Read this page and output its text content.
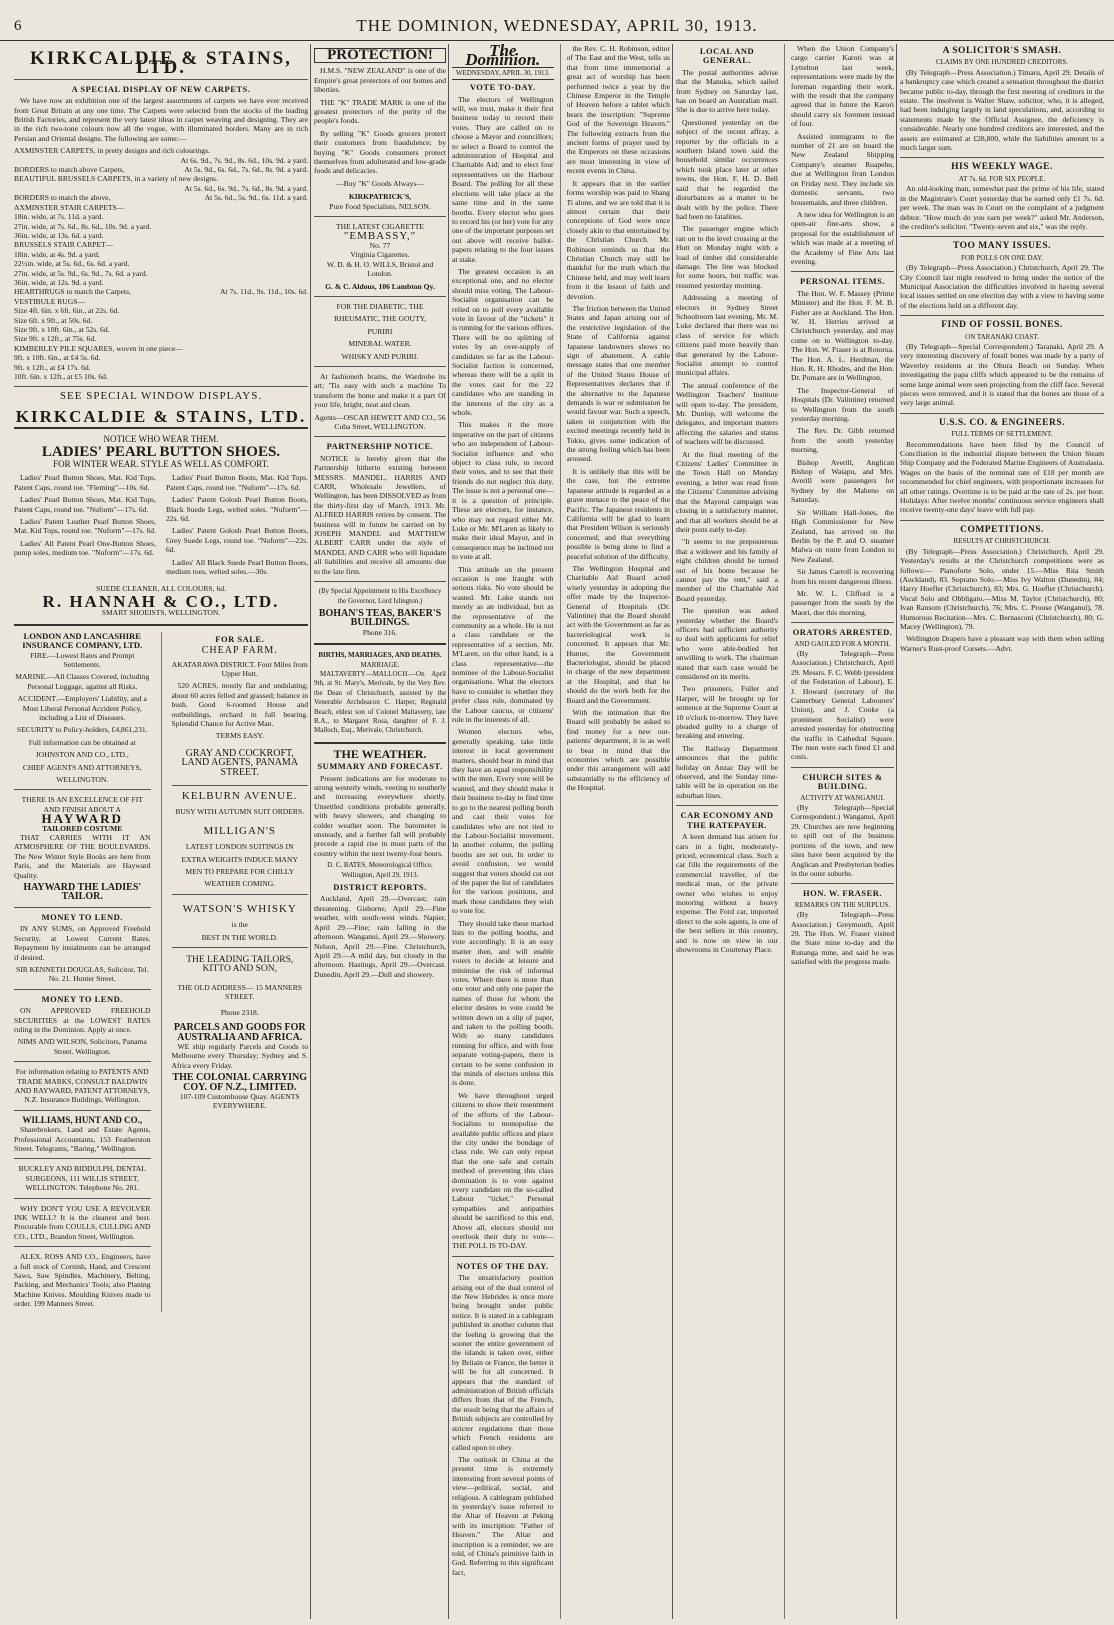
6	THE DOMINION, WEDNESDAY, APRIL 30, 1913.
KIRKCALDIE & STAINS, LTD.
A SPECIAL DISPLAY OF NEW CARPETS.

We have now an exhibition one of the largest assortments of carpets we have ever received from Great Britain at any one time. The Carpets were selected from the stocks of the leading British Factories, and represent the very latest ideas in carpet weaving and designing. They are in the rich two-tone colours now all the vogue, with illuminated borders. Many are in rich Persian and Oriental designs. The following are some:—

AXMINSTER CARPETS, in pretty designs and rich colourings.
At 6s. 9d., 7s. 9d., 8s. 6d., 10s. 9d. a yard.
BORDERS to match above Carpets,	At 5s. 9d., 6s. 6d., 7s. 6d., 8s. 9d. a yard.
BEAUTIFUL BRUSSELS CARPETS, in a variety of new designs.
At 5s. 6d., 6s. 9d., 7s. 6d., 8s. 9d. a yard.
BORDERS to match the above,	At 5s. 6d., 5s. 9d., 6s. 11d. a yard.
AXMINSTER STAIR CARPETS—
18in. wide, at 7s. 11d. a yard.
27in. wide, at 7s. 6d., 8s. 6d., 10s. 9d. a yard.
36in. wide, at 13s. 6d. a yard.
BRUSSELS STAIR CARPET—
18in. wide, at 4s. 9d. a yard.
22½in. wide, at 5s. 6d., 6s. 6d. a yard.
27in. wide, at 5s. 9d., 6s. 9d., 7s. 6d. a yard.
36in. wide, at 12s. 9d. a yard.
HEARTHRUGS to match the Carpets,	At 7s. 11d., 9s. 11d., 10s. 6d.
VESTIBULE RUGS—
Size 4ft. 6in. x 6ft. 6in., at 22s. 6d.
Size 6ft. x 9ft., at 50s. 6d.
Size 9ft. x 10ft. 6in., at 52s. 6d.
Size 9ft. x 12ft., at 75s. 6d.
KIMBERLEY PILE SQUARES, woven in one piece—
9ft. x 10ft. 6in., at £4 5s. 6d.
9ft. x 12ft., at £4 17s. 6d.
10ft. 6in. x 12ft., at £5 10s. 6d.
SEE SPECIAL WINDOW DISPLAYS.
KIRKCALDIE & STAINS, LTD.
NOTICE WHO WEAR THEM.
LADIES' PEARL BUTTON SHOES.
FOR WINTER WEAR. STYLE AS WELL AS COMFORT.

Ladies' Pearl Button Shoes, Mat. Kid Tops, Patent Caps, round toe. "Fleming"—10s. 6d.

Ladies' Pearl Button Shoes, Mat. Kid Tops, Patent Caps, round toe. "Nuform"—17s. 6d.

Ladies' Patent Leather Pearl Button Shoes, Mat. Kid Tops, round toe. "Nuform"—17s. 6d.

Ladies' All Patent Pearl One-Button Shoes, pump soles, medium toe. "Nuform"—17s. 6d.

Ladies' Pearl Button Boots, Mat. Kid Tops, Patent Caps, round toe. "Nuform"—17s. 6d.

Ladies' Patent Golosh Pearl Button Boots, Black Suede Legs, welted soles. "Nuform"—22s. 6d.

Ladies' Patent Golosh Pearl Button Boots, Grey Suede Legs, round toe. "Nuform"—22s. 6d.

Ladies' All Black Suede Pearl Button Boots, medium toes, welted soles.—30s.

SUEDE CLEANER, ALL COLOURS, 6d.
R. HANNAH & CO., LTD.
SMART SHOEISTS, WELLINGTON.
LONDON AND LANCASHIRE INSURANCE COMPANY, LTD.

FIRE.—Lowest Rates and Prompt Settlements.

MARINE.—All Classes Covered, including Personal Luggage, against all Risks.

ACCIDENT.—Employers' Liability, and a Most Liberal Personal Accident Policy, including a List of Diseases.

SECURITY to Policy-holders, £4,861,231.

Full information can be obtained at

JOHNSTON AND CO., LTD.,

CHIEF AGENTS AND ATTORNEYS,

WELLINGTON.

THERE IS AN EXCELLENCE OF FIT AND FINISH ABOUT A
HAYWARD
TAILORED COSTUME

THAT CARRIES WITH IT AN ATMOSPHERE OF THE BOULEVARDS. The New Winter Style Books are here from Paris, and the Materials are Hayward Quality.

HAYWARD THE LADIES' TAILOR.
MONEY TO LEND.

IN ANY SUMS, on Approved Freehold Security, at Lowest Current Rates. Repayment by instalments can be arranged if desired.

SIR KENNETH DOUGLAS, Solicitor, Tel. No. 21. Hunter Street.

MONEY TO LEND.

ON APPROVED FREEHOLD SECURITIES at the LOWEST RATES ruling in the Dominion. Apply at once.

NIMS AND WILSON, Solicitors, Panama Street. Wellington.

For information relating to PATENTS AND TRADE MARKS, CONSULT BALDWIN AND RAYWARD, PATENT ATTORNEYS, N.Z. Insurance Buildings, Wellington.

WILLIAMS, HUNT AND CO.,

Sharebrokers, Land and Estate Agents, Professional Accountants, 153 Featherston Street. Telegrams, "Baring," Wellington.

BUCKLEY AND BIDDULPH, DENTAL SURGEONS, 111 WILLIS STREET, WELLINGTON. Telephone No. 281.

WHY DON'T YOU USE A REVOLVER INK WELL? It is the cleanest and best. Procurable from COULLS, CULLING AND CO., LTD., Brandon Street, Wellington.

ALEX. ROSS AND CO., Engineers, have a full stock of Cornish, Hand, and Crescent Saws, Saw Spindles, Machinery, Belting, Packing, and Mechanics' Tools; also Planing Machine Knives. Moulding Knives made to order. 199 Manners Street.

FOR SALE.
CHEAP FARM.

AKATARAWA DISTRICT. Four Miles from Upper Hutt.

520 ACRES, mostly flat and undulating; about 60 acres felled and grassed; balance in bush. Good 6-roomed House and outbuildings, orchard in full bearing. Splendid Chance for Active Man.

TERMS EASY.
GRAY AND COCKROFT, LAND AGENTS, PANAMA STREET.
KELBURN AVENUE.
BUSY WITH AUTUMN SUIT ORDERS.
MILLIGAN'S

LATEST LONDON SUITINGS IN

EXTRA WEIGHTS INDUCE MANY

MEN TO PREPARE FOR CHILLY

WEATHER COMING.

WATSON'S WHISKY

is the

BEST IN THE WORLD.

THE LEADING TAILORS, KITTO AND SON,
THE OLD ADDRESS— 15 MANNERS STREET.
Phone 2318.
PARCELS AND GOODS FOR AUSTRALIA AND AFRICA.

WE ship regularly Parcels and Goods to Melbourne every Thursday; Sydney and S. Africa every Friday.

THE COLONIAL CARRYING COY. OF N.Z., LIMITED.
107-109 Customhouse Quay. AGENTS EVERYWHERE.
PROTECTION!

H.M.S. "NEW ZEALAND" is one of the Empire's great protectors of our homes and liberties.

THE "K" TRADE MARK is one of the greatest protectors of the purity of the people's foods.

By selling "K" Goods grocers protect their customers from fraudulence; by buying "K" Goods consumers protect themselves from adulterated and low-grade foods and delicacies.

—Buy "K" Goods Always—
KIRKPATRICK'S,
Pure Food Specialists, NELSON.
THE LATEST CIGARETTE
"EMBASSY,"
No. 77
Virginia Cigarettes.
W. D. & H. O. WILLS, Bristol and London.
G. & C. Aldous, 106 Lambton Qy.

FOR THE DIABETIC, THE

RHEUMATIC, THE GOUTY,

PURIRI

MINERAL WATER.

WHISKY AND PURIRI.

At fashioneth brains, the Wardrobe its art; 'Tis easy with such a machine To transform the home and make it a part Of your life, bright, neat and clean.

Agents—OSCAR HEWETT AND CO., 56 Cuba Street, WELLINGTON.

PARTNERSHIP NOTICE.

NOTICE is hereby given that the Partnership hitherto existing between MESSRS. MANDEL, HARRIS AND CARR, Wholesale Jewellers, of Wellington, has been DISSOLVED as from the thirty-first day of March, 1913. Mr. ALFRED HARRIS retires by consent. The business will in future be carried on by JOSEPH MANDEL and MATTHEW ALBERT CARR under the style of MANDEL AND CARR who will liquidate all liabilities and receive all amounts due to the late firm.

(By Special Appointment to His Excellency the Governor, Lord Islington.)

BOHAN'S TEAS, BAKER'S BUILDINGS.
Phone 316.
BIRTHS, MARRIAGES, AND DEATHS.
MARRIAGE.

MALTAVERTY—MALLOCH.—On April 9th, at St. Mary's, Merivale, by the Very Rev. the Dean of Christchurch, assisted by the Venerable Archdeacon C. Harper, Reginald Beach, eldest son of Colonel Maltaverty, late R.A., to Margaret Rosa, daughter of F. J. Malloch, Esq., Merivale, Christchurch.

THE WEATHER.
SUMMARY AND FORECAST.

Present indications are for moderate to strong westerly winds, veering to southerly and increasing everywhere shortly. Unsettled conditions probable generally, with heavy showers, and changing to colder weather soon. The barometer is unsteady, and a further fall will probably precede a rapid rise in most parts of the country within the next twenty-four hours.

D. C. BATES, Meteorological Office, Wellington, April 29, 1913.

DISTRICT REPORTS.

Auckland, April 29.—Overcast; rain threatening. Gisborne, April 29.—Fine weather, with south-west winds. Napier, April 29.—Fine; rain falling in the afternoon. Wanganui, April 29.—Showery. Nelson, April 29.—Fine. Christchurch, April 29.—A mild day, but cloudy in the afternoon. Hastings, April 29.—Overcast. Dunedin, April 29.—Dull and showery.

The Dominion.
WEDNESDAY, APRIL 30, 1913.
VOTE TO-DAY.

The electors of Wellington will, we trust, make it their first business today to record their votes. They are called on to choose a Mayor and councillors; to select a Board to control the administration of Hospital and Charitable Aid; and to elect four representatives on the Harbour Board. The polling for all these elections will take place at the same time and in the same booths. Every elector who goes to record his (or her) vote for any one of the important purposes set out above will receive ballot-papers relating to the four issues at stake.

The greatest occasion is an exceptional one, and no elector should miss voting. The Labour-Socialist organisation can be relied on to poll every available vote in favour of the "tickets" it is running for the various offices. There will be no splitting of votes by an over-supply of candidates so far as the Labour-Socialist faction is concerned, whereas there will be a split in the votes cast for the 22 candidates who are standing in the interests of the city as a whole.

This makes it the more imperative on the part of citizens who are independent of Labour-Socialist influence and who object to class rule, to record their votes, and to see that their friends do not neglect this duty. The issue is not a personal one—it is a question of principle. These are electors, for instance, who may not regard either Mr. Luke or Mr. M'Laren as likely to make their ideal Mayor, and in consequence may be inclined not to vote at all.

This attitude on the present occasion is one fraught with serious risks. No vote should be wasted. Mr. Luke stands not merely as an individual, but as the representative of the community as a whole. He is not a class candidate or the representative of a section. Mr. M'Laren, on the other hand, is a class representative—the nominee of the Labour-Socialist organisations. What the electors have to consider is whether they prefer class rule, dominated by the Labour caucus, or citizens' rule in the interests of all.

Women electors who, generally speaking, take little interest in local government matters, should bear in mind that they have an equal responsibility with the men. Every vote will be wanted, and they should make it their business to-day to find time to go to the nearest polling booth and cast their votes for candidates who are not tied to the Labour-Socialist movement. In another column, the polling booths are set out. In order to avoid confusion, we would suggest that voters should cut out of the paper the list of candidates for the various positions, and mark those candidates they wish to vote for.

They should take these marked lists to the polling booths, and vote accordingly. It is an easy matter then, and will enable voters to decide at leisure and minimise the risk of informal votes. Where there is more than one voter and only one paper the names of those for whom the elector desires to vote could be written down on a slip of paper, and taken to the polling booth. With so many candidates running for office, and with four separate voting-papers, there is certain to be some confusion in the minds of electors unless this is done.

We have throughout urged citizens to show their resentment of the efforts of the Labour-Socialists to monopolise the available public offices and place the city under the bondage of class rule. We can only repeat that the one safe and certain method of preventing this class domination is to vote against every candidate on the so-called Labour "ticket." Personal sympathies and antipathies should be sacrificed to this end. Above all, electors should not overlook their duty to vote—THE POLL IS TO-DAY.

NOTES OF THE DAY.

The unsatisfactory position arising out of the dual control of the New Hebrides is once more being brought under public notice. It is stated in a cablegram published in another column that the feeling is growing that the sooner the entire government of the islands is taken over, either by Britain or France, the better it will be for all concerned. It appears that the standard of administration of British officials differs from that of the French, the result being that the affairs of British subjects are controlled by stricter regulations than those which French residents are called upon to obey.

The outlook in China at the present time is extremely interesting from several points of view—political, social, and religious. A cablegram published in yesterday's issue referred to the Altar of Heaven at Peking with its inscription: "Father of Heaven." The Altar and inscription is a reminder, we are told, of China's primitive faith in God. Referring to this significant fact,

the Rev. C. H. Robinson, editor of The East and the West, tells us that from time immemorial a great act of worship has been performed twice a year by the Chinese Emperor in the Temple of Heaven before a tablet which bears the inscription: "Supreme God of the Sovereign Heaven." The following extracts from the ancient forms of prayer used by the Emperors on these occasions are most interesting in view of recent events in China.

It appears that in the earlier forms worship was paid to Shang Ti alone, and we are told that it is almost certain that their conceptions of God were once closely akin to that entertained by the Christian Church. Mr. Robinson reminds us that the Christian Church may still be thankful for the truth which the Chinese held, and may well learn from it the lesson of faith and devotion.

The friction between the United States and Japan arising out of the restrictive legislation of the State of California against Japanese landowners shows no sign of abatement. A cable message states that one member of the United States House of Representatives declares that if the alternative to the Japanese demands is war or submission he would favour war. Such a speech, taken in conjunction with the excited meetings recently held in Tokio, gives some indication of the strong feeling which has been aroused.

It is unlikely that this will be the case, but the extreme Japanese attitude is regarded as a grave menace to the peace of the Pacific. The Japanese residents in California will be glad to learn that President Wilson is seriously concerned, and that everything possible is being done to find a peaceful solution of the difficulty.

The Wellington Hospital and Charitable Aid Board acted wisely yesterday in adopting the offer made by the Inspector-General of Hospitals (Dr. Valintine) that the Board should act with the Government as far as bacteriological work is concerned. It appears that Mr. Hunter, the Government Bacteriologist, should be placed in charge of the new department at the Hospital, and that he should do the work both for the Board and the Government.

With the intimation that the Board will probably be asked to find money for a new out-patients' department, it is as well to bear in mind that the economies which are possible under this arrangement will add substantially to the efficiency of the Hospital.

LOCAL AND GENERAL.

The postal authorities advise that the Manuka, which sailed from Sydney on Saturday last, has on board an Australian mail. She is due to arrive here today.

Questioned yesterday on the subject of the recent affray, a reporter by the officials in a southern Island town said the household similar occurrences which took place later at other towns, the Hon. F. H. D. Bell said that he regarded the disturbances as a matter to be dealt with by the police. There had been no fatalities.

The passenger engine which ran on to the level crossing at the Hutt on Monday night with a load of timber did considerable damage. The line was blocked for some hours, but traffic was resumed yesterday morning.

Addressing a meeting of electors in Sydney Street Schoolroom last evening, Mr. M. Luke declared that there was no class of service for which citizens paid more heavily than that generated by the Labour-Socialist attempt to control municipal affairs.

The annual conference of the Wellington Teachers' Institute will open to-day. The president, Mr. Dunlop, will welcome the delegates, and important matters affecting the salaries and status of teachers will be discussed.

At the final meeting of the Citizens' Ladies' Committee in the Town Hall on Monday evening, a letter was read from the Citizens' Committee advising that the Mayoral campaign was closing in a satisfactory manner, and that all workers should be at their posts early to-day.

"It seems to me preposterous that a widower and his family of eight children should be turned out of his home because he cannot pay the rent," said a member of the Charitable Aid Board yesterday.

The question was asked yesterday whether the Board's officers had sufficient authority to deal with applicants for relief who were able-bodied but unwilling to work. The chairman stated that each case would be considered on its merits.

Two prisoners, Fuller and Harper, will be brought up for sentence at the Supreme Court at 10 o'clock to-morrow. They have pleaded guilty to a charge of breaking and entering.

The Railway Department announces that the public holiday on Anzac Day will be observed, and the Sunday time-table will be in operation on the suburban lines.

CAR ECONOMY AND THE RATEPAYER.

A keen demand has arisen for cars in a light, moderately-priced, economical class. Such a car fills the requirements of the commercial traveller, of the medical man, or the private owner who wishes to enjoy motoring without a heavy expense. The Ford car, imported direct to the sole agents, is one of the best sellers in this country, and is now on view in our showrooms in Courtenay Place.

When the Union Company's cargo carrier Karori was at Lyttelton last week, representations were made by the foreman regarding their work, with the result that the company agreed that in future the Karori should carry six foremen instead of four.

Assisted immigrants to the number of 21 are on board the New Zealand Shipping Company's steamer Ruapehu, due at Wellington from London on Friday next. They include six domestic servants, two housemaids, and three children.

A new idea for Wellington is an open-air fine-arts show, a proposal for the establishment of which was made at a meeting of the Academy of Fine Arts last evening.

PERSONAL ITEMS.

The Hon. W. F. Massey (Prime Minister) and the Hon. F. M. B. Fisher are at Auckland. The Hon. W. H. Herries arrived at Christchurch yesterday, and may come on to Wellington to-day. The Hon. W. Fraser is at Rotorua. The Hon. A. L. Herdman, the Hon. R. H. Rhodes, and the Hon. Dr. Pomare are in Wellington.

The Inspector-General of Hospitals (Dr. Valintine) returned to Wellington from the south yesterday morning.

The Rev. Dr. Gibb returned from the south yesterday morning.

Bishop Averill, Anglican Bishop of Waiapu, and Mrs. Averill were passengers for Sydney by the Maheno on Saturday.

Sir William Hall-Jones, the High Commissioner for New Zealand, has arrived on the Berlin by the P. and O. steamer Malwa on route from London to New Zealand.

Sir James Carroll is recovering from his recent dangerous illness.

Mr. W. L. Clifford is a passenger from the south by the Maori, due this morning.

ORATORS ARRESTED.
AND GAOLED FOR A MONTH.

(By Telegraph—Press Association.) Christchurch, April 29. Messrs. F. C. Webb (president of the Federation of Labour), E. J. Howard (secretary of the Canterbury General Labourers' Union), and J. Cooke (a prominent Socialist) were arrested yesterday for obstructing the traffic in Cathedral Square. The men were each fined £1 and costs.

CHURCH SITES & BUILDING.
ACTIVITY AT WANGANUI.

(By Telegraph—Special Correspondent.) Wanganui, April 29. Churches are now beginning to spill out of the business portions of the town, and new sites have been acquired by the Anglican and Presbyterian bodies in the outer suburbs.

HON. W. FRASER.
REMARKS ON THE SURPLUS.

(By Telegraph—Press Association.) Greymouth, April 29. The Hon. W. Fraser visited the State mine to-day and the Runanga mine, and said he was satisfied with the progress made.

A SOLICITOR'S SMASH.
CLAIMS BY ONE HUNDRED CREDITORS.

(By Telegraph—Press Association.) Timaru, April 29. Details of a bankruptcy case which created a sensation throughout the district became public to-day, through the first meeting of creditors in the estate. The insolvent is Walter Shaw, solicitor, who, it is alleged, had been indulging largely in land speculations, and, according to statements made by the Official Assignee, the deficiency is considerable. Nearly one hundred creditors are interested, and the assets are estimated at £28,800, while the liabilities amount to a much larger sum.

HIS WEEKLY WAGE.
AT 7s. 6d. FOR SIX PEOPLE.

An old-looking man, somewhat past the prime of his life, stated in the Magistrate's Court yesterday that he earned only £1 7s. 6d. per week. The man was in Court on the complaint of a judgment debtor. "How much do you earn per week?" asked Mr. Anderson, the creditor's solicitor. "Twenty-seven and six," was the reply.

TOO MANY ISSUES.
FOR POLLS ON ONE DAY.

(By Telegraph—Press Association.) Christchurch, April 29. The City Council last night resolved to bring under the notice of the Municipal Association the difficulties involved in having several local issues settled on one election day with a view to having some of the elections held on a different day.

FIND OF FOSSIL BONES.
ON TARANAKI COAST.

(By Telegraph—Special Correspondent.) Taranaki, April 29. A very interesting discovery of fossil bones was made by a party of Waverley residents at the Ohura Beach on Sunday. When investigating the papa cliffs which appeared to be the remains of some large animal were seen projecting from the cliff face. Several pieces were removed, and it is stated that the bones are those of a very large animal.

U.S.S. CO. & ENGINEERS.
FULL TERMS OF SETTLEMENT.

Recommendations have been filed by the Council of Conciliation in the industrial dispute between the Union Steam Ship Company and the Federated Marine Engineers of Australasia. Wages on the basis of the nominal rate of £18 per month are recommended for chief engineers, with proportionate increases for all other ratings. Overtime is to be paid at the rate of 2s. per hour. Holidays: After twelve months' continuous service engineers shall receive twenty-one days' leave with full pay.

COMPETITIONS.
RESULTS AT CHRISTCHURCH.

(By Telegraph—Press Association.) Christchurch, April 29. Yesterday's results at the Christchurch competitions were as follows:— Pianoforte Solo, under 15.—Miss Rita Smith (Auckland), 83. Soprano Solo.—Miss Ivy Walton (Dunedin), 84; Harry Hoefler (Christchurch), 83; Mrs. G. Hoefler (Christchurch). Vocal Solo and Obbligato.—Miss M. Taylor (Christchurch), 80; Ivan Ransom (Christchurch), 76; Mrs. C. Prouse (Wanganui), 78. Humorous Recitation—Mrs. C. Bernasconi (Christchurch), 80; G. Macey (Wellington), 79.

Wellington Drapers have a pleasant way with them when selling Warner's Rust-proof Corsets.—Advt.
